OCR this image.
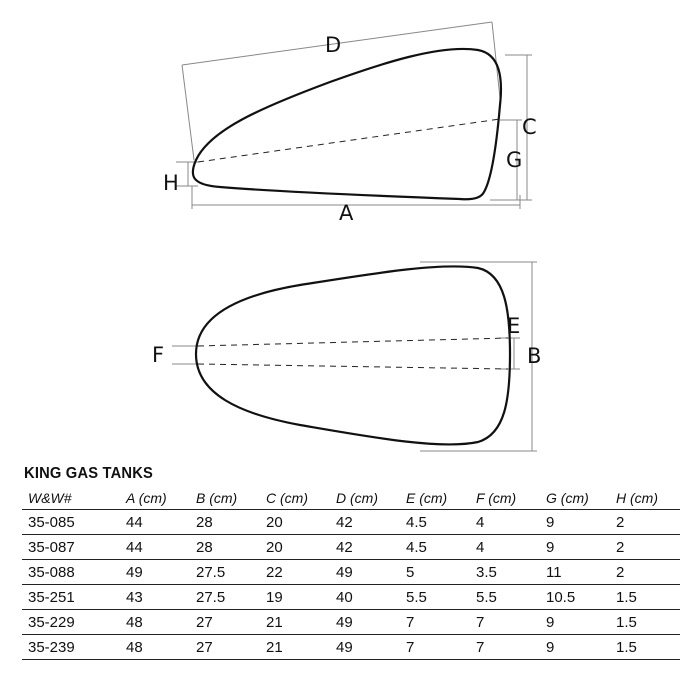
D
C
G
H
A
E
B
F
KING GAS TANKS
W&W#	A (cm)	B (cm)	C (cm)	D (cm)	E (cm)	F (cm)	G (cm)	H (cm)
35-085	44	28	20	42	4.5	4	9	2
35-087	44	28	20	42	4.5	4	9	2
35-088	49	27.5	22	49	5	3.5	11	2
35-251	43	27.5	19	40	5.5	5.5	10.5	1.5
35-229	48	27	21	49	7	7	9	1.5
35-239	48	27	21	49	7	7	9	1.5
